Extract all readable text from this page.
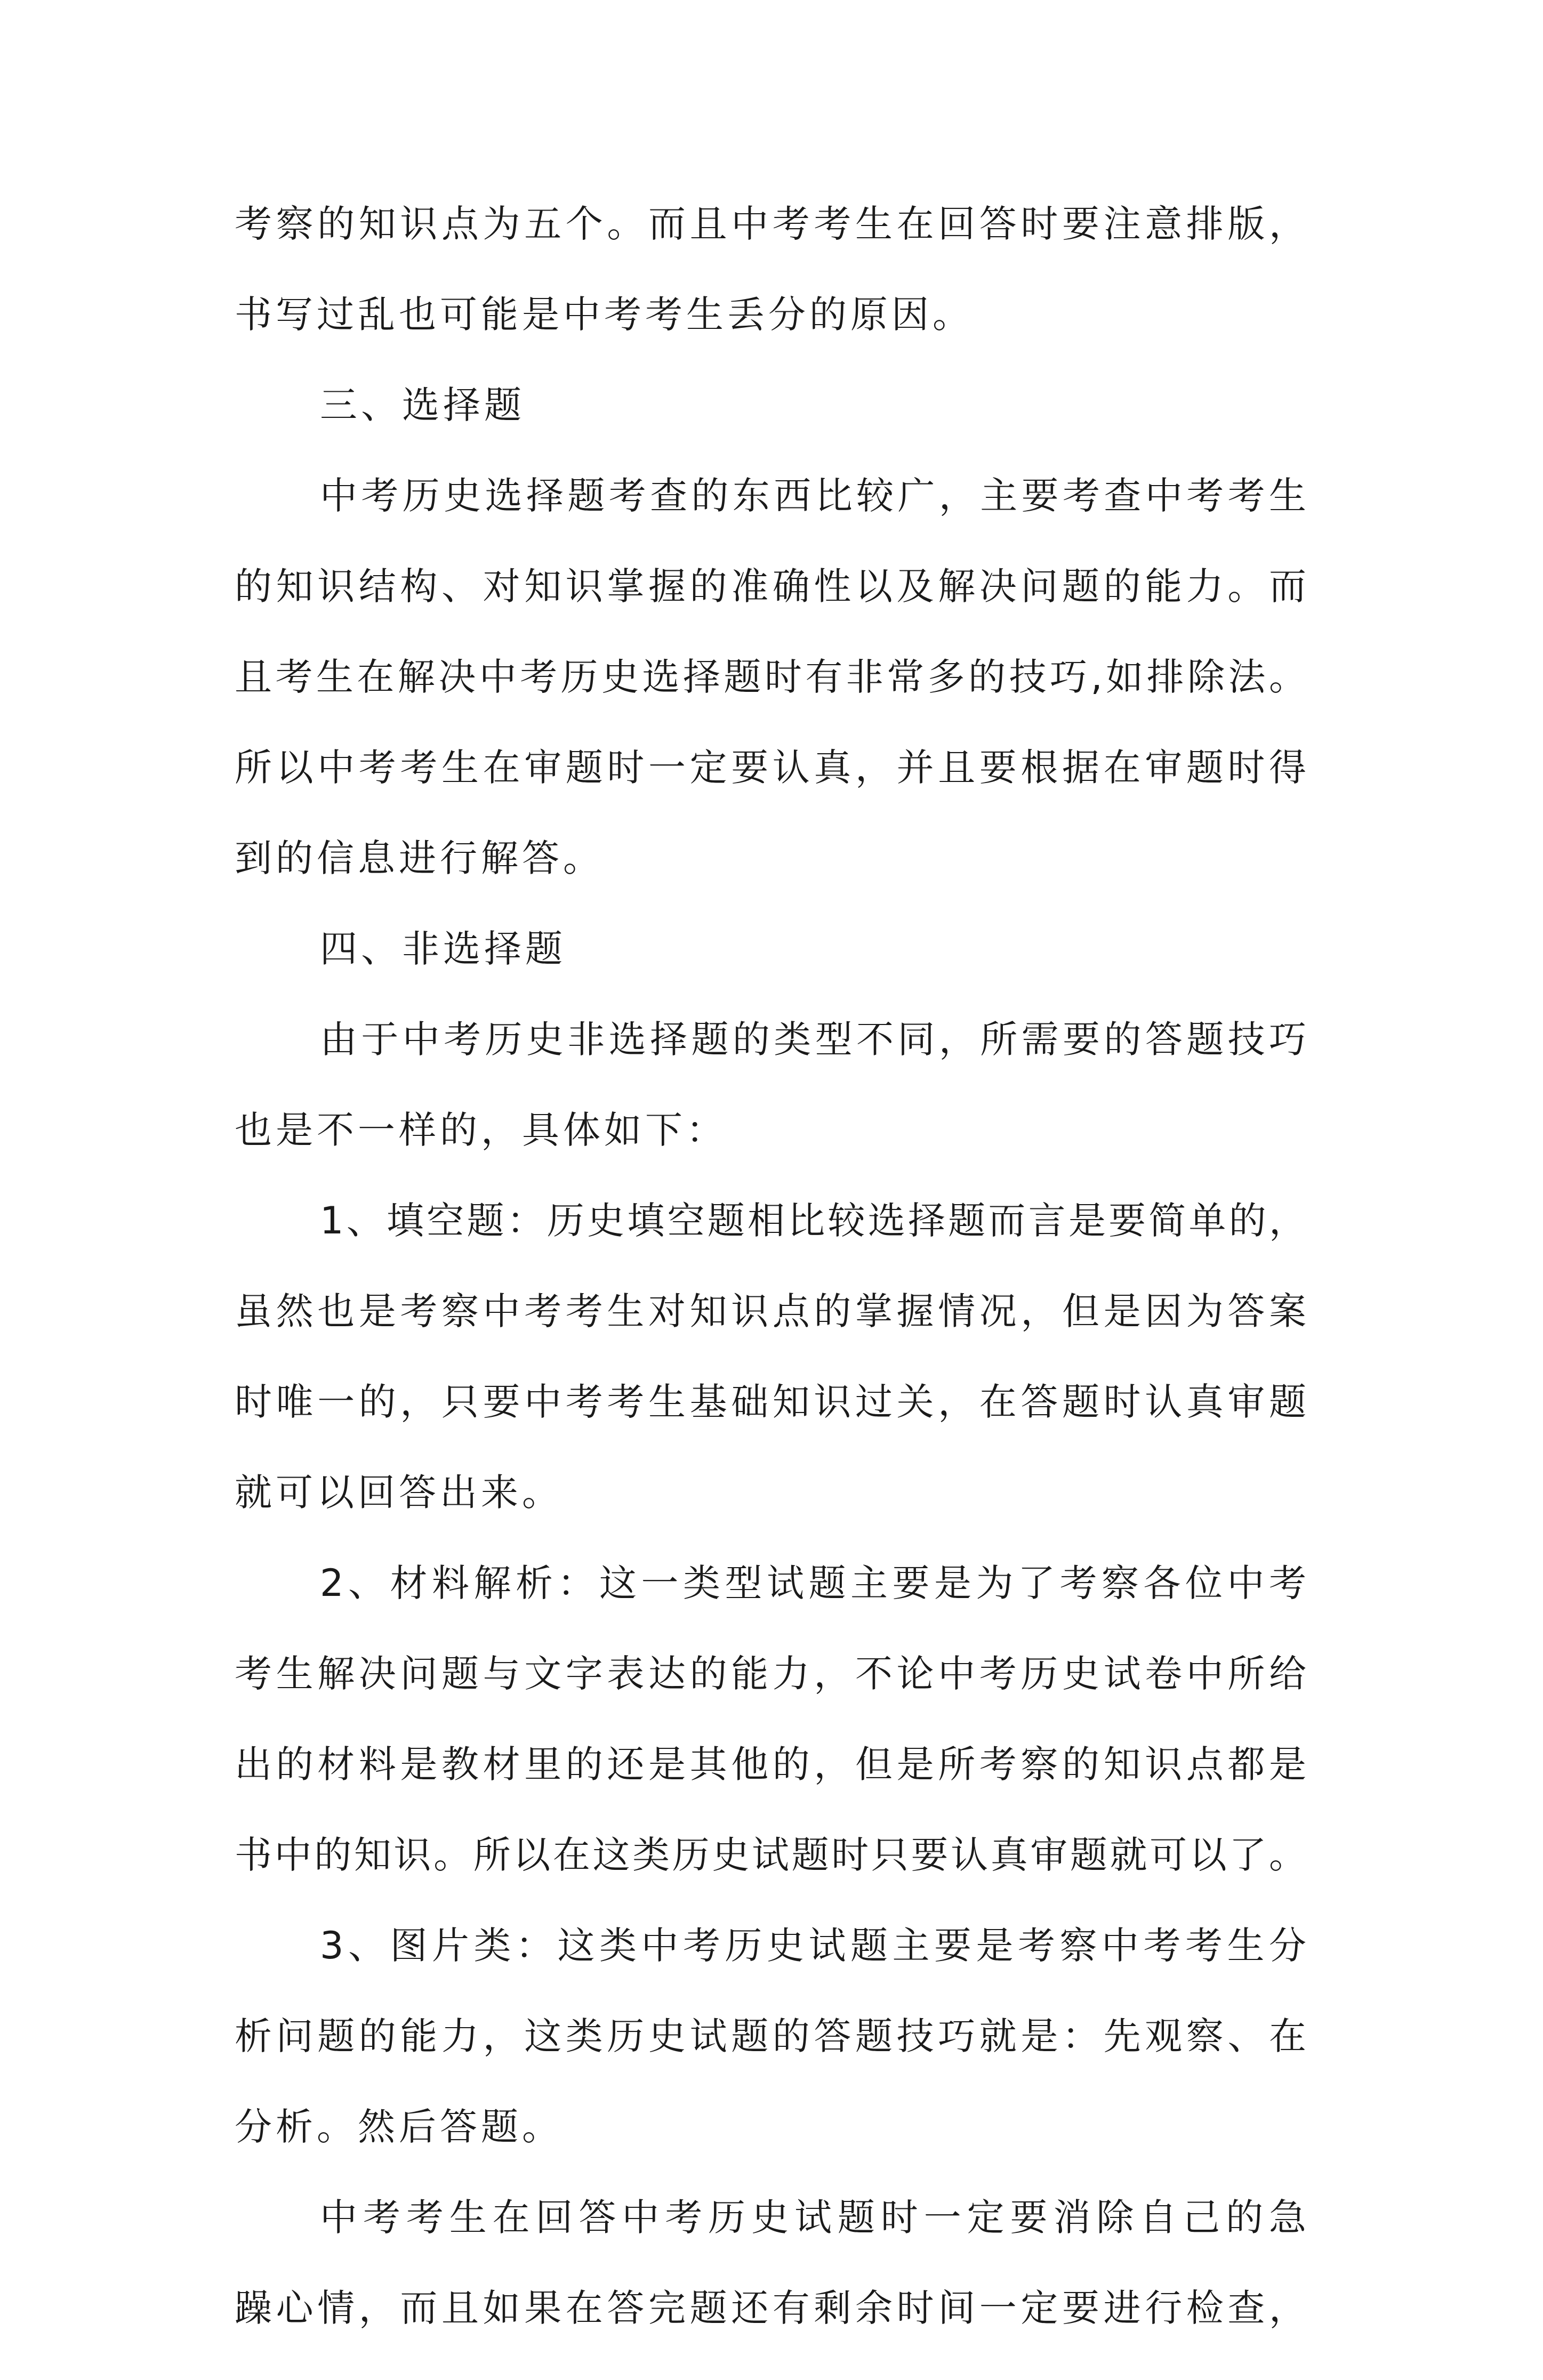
考察的知识点为五个。而且中考考生在回答时要注意排版，
书写过乱也可能是中考考生丢分的原因。
三、选择题
中考历史选择题考查的东西比较广，主要考查中考考生
的知识结构、对知识掌握的准确性以及解决问题的能力。而
且考生在解决中考历史选择题时有非常多的技巧,如排除法。
所以中考考生在审题时一定要认真，并且要根据在审题时得
到的信息进行解答。
四、非选择题
由于中考历史非选择题的类型不同，所需要的答题技巧
也是不一样的，具体如下：
1、填空题：历史填空题相比较选择题而言是要简单的，
虽然也是考察中考考生对知识点的掌握情况，但是因为答案
时唯一的，只要中考考生基础知识过关，在答题时认真审题
就可以回答出来。
2、材料解析：这一类型试题主要是为了考察各位中考
考生解决问题与文字表达的能力，不论中考历史试卷中所给
出的材料是教材里的还是其他的，但是所考察的知识点都是
书中的知识。所以在这类历史试题时只要认真审题就可以了。
3、图片类：这类中考历史试题主要是考察中考考生分
析问题的能力，这类历史试题的答题技巧就是：先观察、在
分析。然后答题。
中考考生在回答中考历史试题时一定要消除自己的急
躁心情，而且如果在答完题还有剩余时间一定要进行检查，
